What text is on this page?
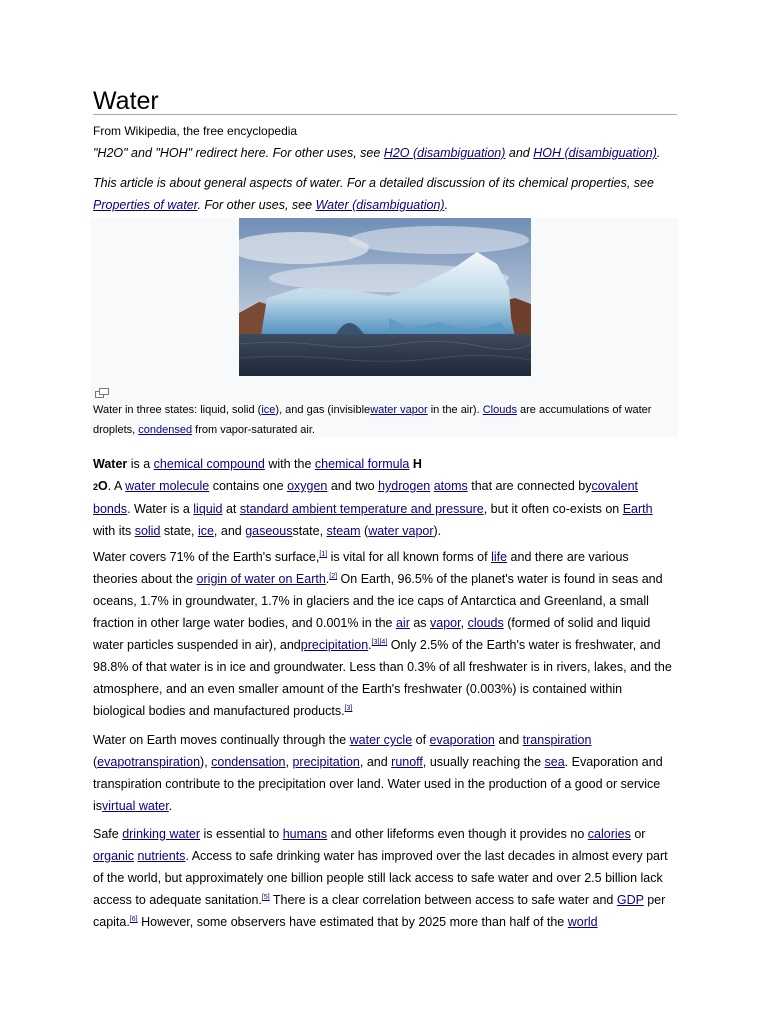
Water
From Wikipedia, the free encyclopedia
"H2O" and "HOH" redirect here. For other uses, see H2O (disambiguation) and HOH (disambiguation).
This article is about general aspects of water. For a detailed discussion of its chemical properties, see Properties of water. For other uses, see Water (disambiguation).
Water in three states: liquid, solid (ice), and gas (invisiblewater vapor in the air). Clouds are accumulations of water droplets, condensed from vapor-saturated air.
Water is a chemical compound with the chemical formula H
2O. A water molecule contains one oxygen and two hydrogen atoms that are connected bycovalent bonds. Water is a liquid at standard ambient temperature and pressure, but it often co-exists on Earth with its solid state, ice, and gaseousstate, steam (water vapor).
Water covers 71% of the Earth's surface,[1] is vital for all known forms of life and there are various theories about the origin of water on Earth.[2] On Earth, 96.5% of the planet's water is found in seas and oceans, 1.7% in groundwater, 1.7% in glaciers and the ice caps of Antarctica and Greenland, a small fraction in other large water bodies, and 0.001% in the air as vapor, clouds (formed of solid and liquid water particles suspended in air), andprecipitation.[3][4] Only 2.5% of the Earth's water is freshwater, and 98.8% of that water is in ice and groundwater. Less than 0.3% of all freshwater is in rivers, lakes, and the atmosphere, and an even smaller amount of the Earth's freshwater (0.003%) is contained within biological bodies and manufactured products.[3]
Water on Earth moves continually through the water cycle of evaporation and transpiration (evapotranspiration), condensation, precipitation, and runoff, usually reaching the sea. Evaporation and transpiration contribute to the precipitation over land. Water used in the production of a good or service isvirtual water.
Safe drinking water is essential to humans and other lifeforms even though it provides no calories or organic nutrients. Access to safe drinking water has improved over the last decades in almost every part of the world, but approximately one billion people still lack access to safe water and over 2.5 billion lack access to adequate sanitation.[5] There is a clear correlation between access to safe water and GDP per capita.[6] However, some observers have estimated that by 2025 more than half of the world
